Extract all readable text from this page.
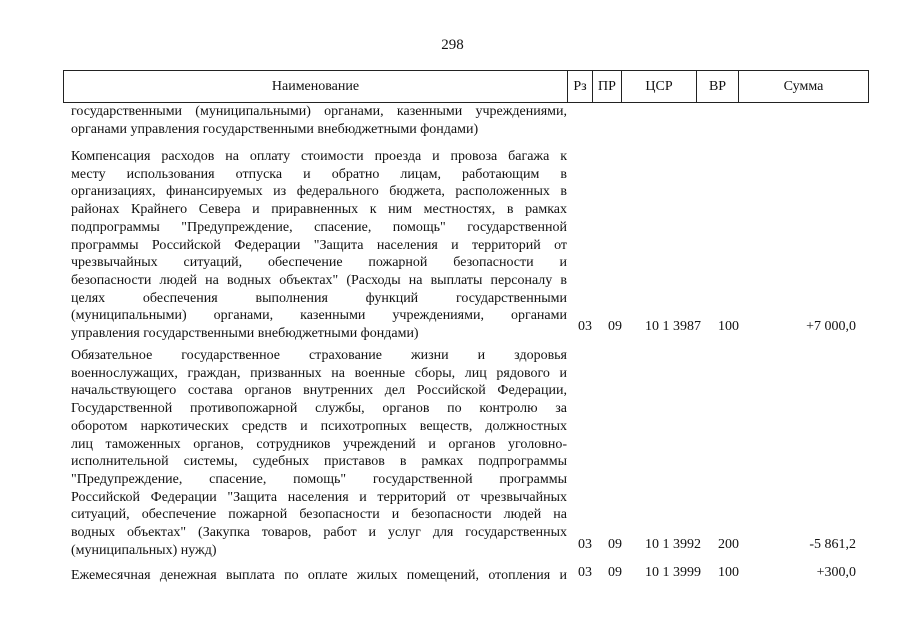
298
Наименование	Рз ПР	ЦСР	ВР	Сумма
государственными (муниципальными) органами, казенными учреждениями,
органами управления государственными внебюджетными фондами)
Компенсация расходов на оплату стоимости проезда и провоза багажа к
месту использования отпуска и обратно лицам, работающим в
организациях, финансируемых из федерального бюджета, расположенных в
районах Крайнего Севера и приравненных к ним местностях, в рамках
подпрограммы "Предупреждение, спасение, помощь" государственной
программы Российской Федерации "Защита населения и территорий от
чрезвычайных ситуаций, обеспечение пожарной безопасности и
безопасности людей на водных объектах" (Расходы на выплаты персоналу в
целях обеспечения выполнения функций государственными
(муниципальными) органами, казенными учреждениями, органами
управления государственными внебюджетными фондами)	03	09	10 1 3987	100	+7 000,0
Обязательное государственное страхование жизни и здоровья
военнослужащих, граждан, призванных на военные сборы, лиц рядового и
начальствующего состава органов внутренних дел Российской Федерации,
Государственной противопожарной службы, органов по контролю за
оборотом наркотических средств и психотропных веществ, должностных
лиц таможенных органов, сотрудников учреждений и органов уголовно-
исполнительной системы, судебных приставов в рамках подпрограммы
"Предупреждение, спасение, помощь" государственной программы
Российской Федерации "Защита населения и территорий от чрезвычайных
ситуаций, обеспечение пожарной безопасности и безопасности людей на
водных объектах" (Закупка товаров, работ и услуг для государственных
(муниципальных) нужд)	03	09	10 1 3992	200	-5 861,2
Ежемесячная денежная выплата по оплате жилых помещений, отопления и 03	09	10 1 3999	100	+300,0
